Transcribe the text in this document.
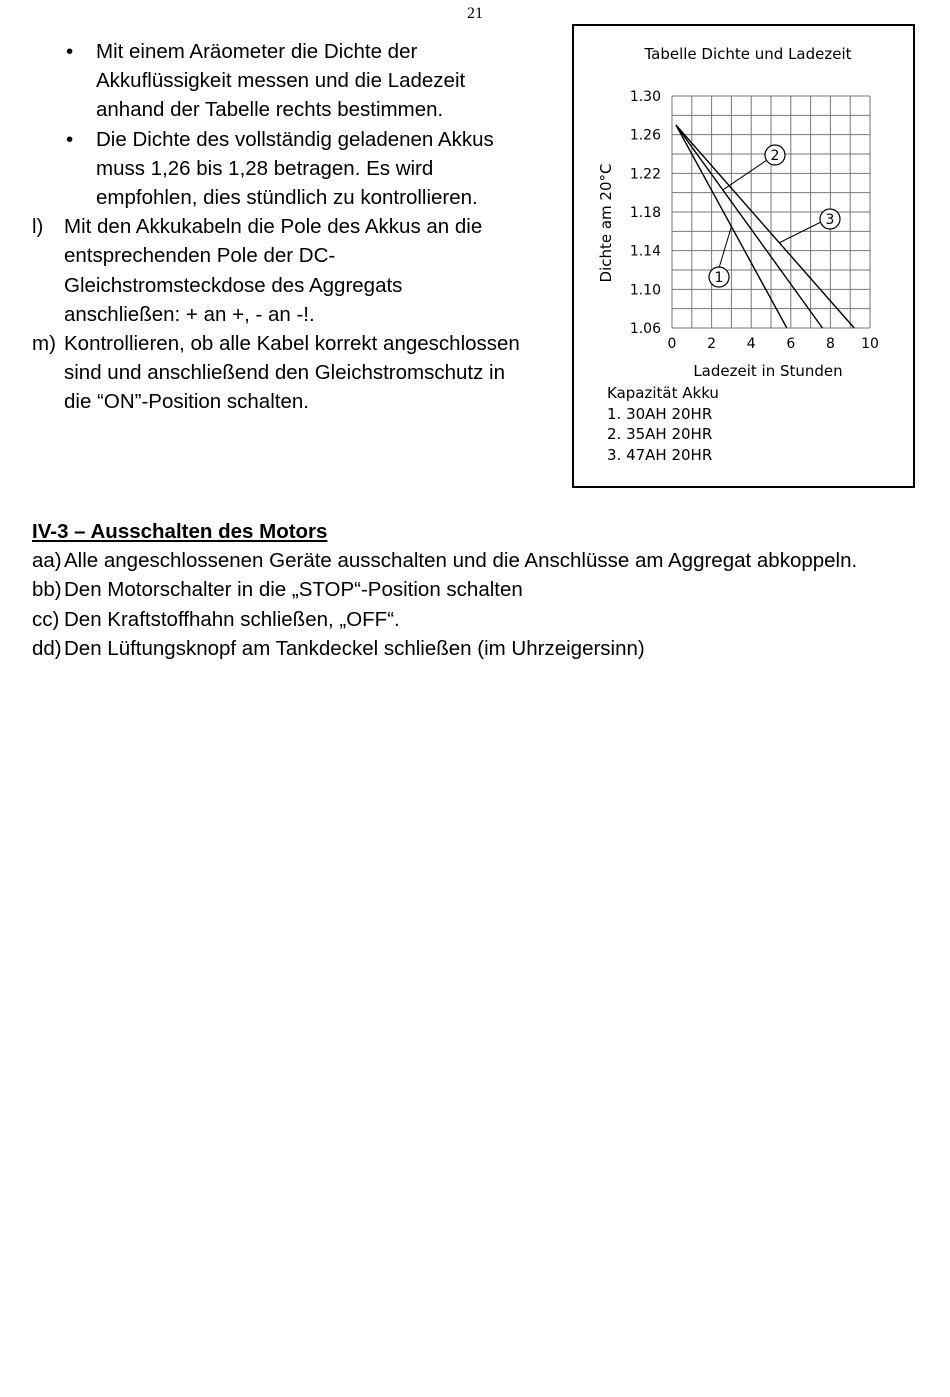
21
• Mit einem Aräometer die Dichte der
Akkuflüssigkeit messen und die Ladezeit
anhand der Tabelle rechts bestimmen.
• Die Dichte des vollständig geladenen Akkus
muss 1,26 bis 1,28 betragen. Es wird
empfohlen, dies stündlich zu kontrollieren.
l) Mit den Akkukabeln die Pole des Akkus an die
entsprechenden Pole der DC-
Gleichstromsteckdose des Aggregats
anschließen: + an +, - an -!.
m) Kontrollieren, ob alle Kabel korrekt angeschlossen
sind und anschließend den Gleichstromschutz in
die “ON”-Position schalten.
Tabelle Dichte und Ladezeit
1
2
3
0 2 4 6 8 10
1.30
1.26
1.22
1.18
1.14
1.10
1.06
Dichte am 20°C
Ladezeit in Stunden
Kapazität Akku
1. 30AH 20HR
2. 35AH 20HR
3. 47AH 20HR
IV-3 – Ausschalten des Motors
aa) Alle angeschlossenen Geräte ausschalten und die Anschlüsse am Aggregat abkoppeln.
bb) Den Motorschalter in die „STOP“-Position schalten
cc) Den Kraftstoffhahn schließen, „OFF“.
dd) Den Lüftungsknopf am Tankdeckel schließen (im Uhrzeigersinn)
